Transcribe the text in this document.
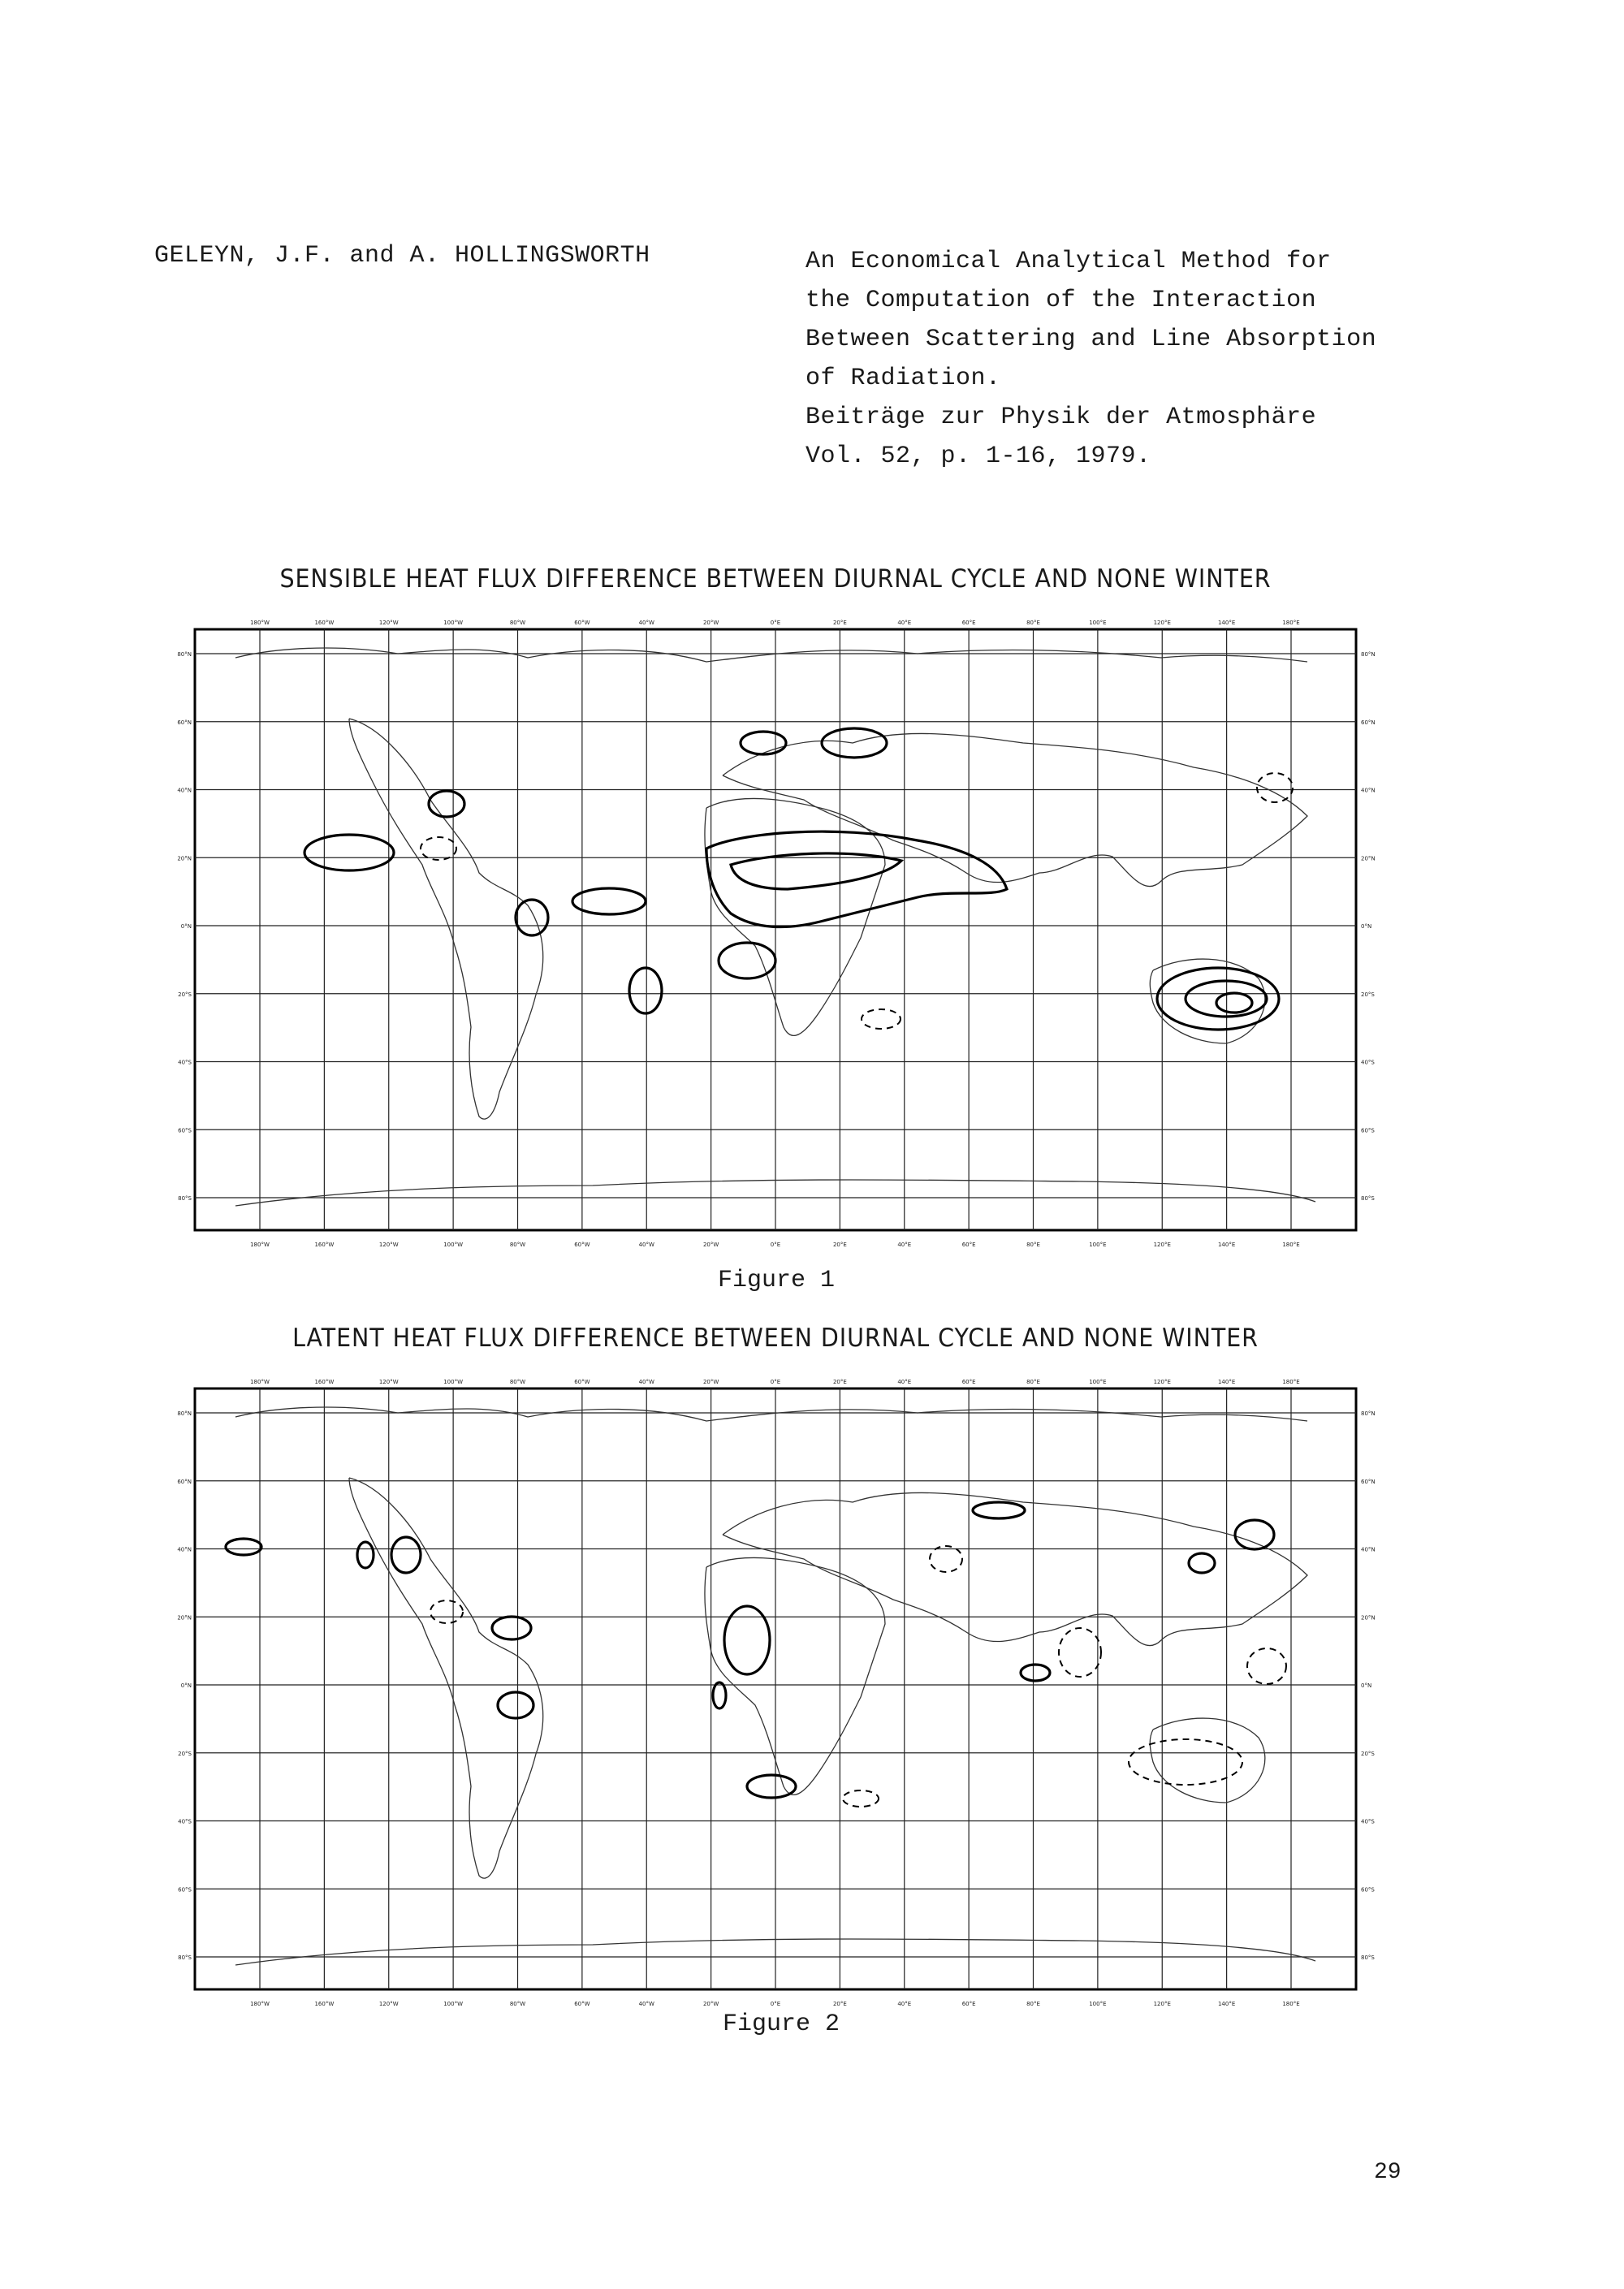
GELEYN, J.F. and A. HOLLINGSWORTH	An Economical Analytical Method for
the Computation of the Interaction
Between Scattering and Line Absorption
of Radiation.
Beiträge zur Physik der Atmosphäre
Vol. 52, p. 1-16, 1979.
SENSIBLE HEAT FLUX DIFFERENCE BETWEEN DIURNAL CYCLE AND NONE WINTER
180°W
180°W
160°W
160°W
120°W
120°W
100°W
100°W
80°W
80°W
60°W
60°W
40°W
40°W
20°W
20°W
0°E
0°E
20°E
20°E
40°E
40°E
60°E
60°E
80°E
80°E
100°E
100°E
120°E
120°E
140°E
140°E
180°E
180°E
80°N	80°N
60°N	60°N
40°N	40°N
20°N	20°N
0°N	0°N
20°S	20°S
40°S	40°S
60°S	60°S
80°S	80°S
Figure 1
LATENT HEAT FLUX DIFFERENCE BETWEEN DIURNAL CYCLE AND NONE WINTER
180°W
180°W
160°W
160°W
120°W
120°W
100°W
100°W
80°W
80°W
60°W
60°W
40°W
40°W
20°W
20°W
0°E
0°E
20°E
20°E
40°E
40°E
60°E
60°E
80°E
80°E
100°E
100°E
120°E
120°E
140°E
140°E
180°E
180°E
80°N	80°N
60°N	60°N
40°N	40°N
20°N	20°N
0°N	0°N
20°S	20°S
40°S	40°S
60°S	60°S
80°S	80°S
Figure 2
29
